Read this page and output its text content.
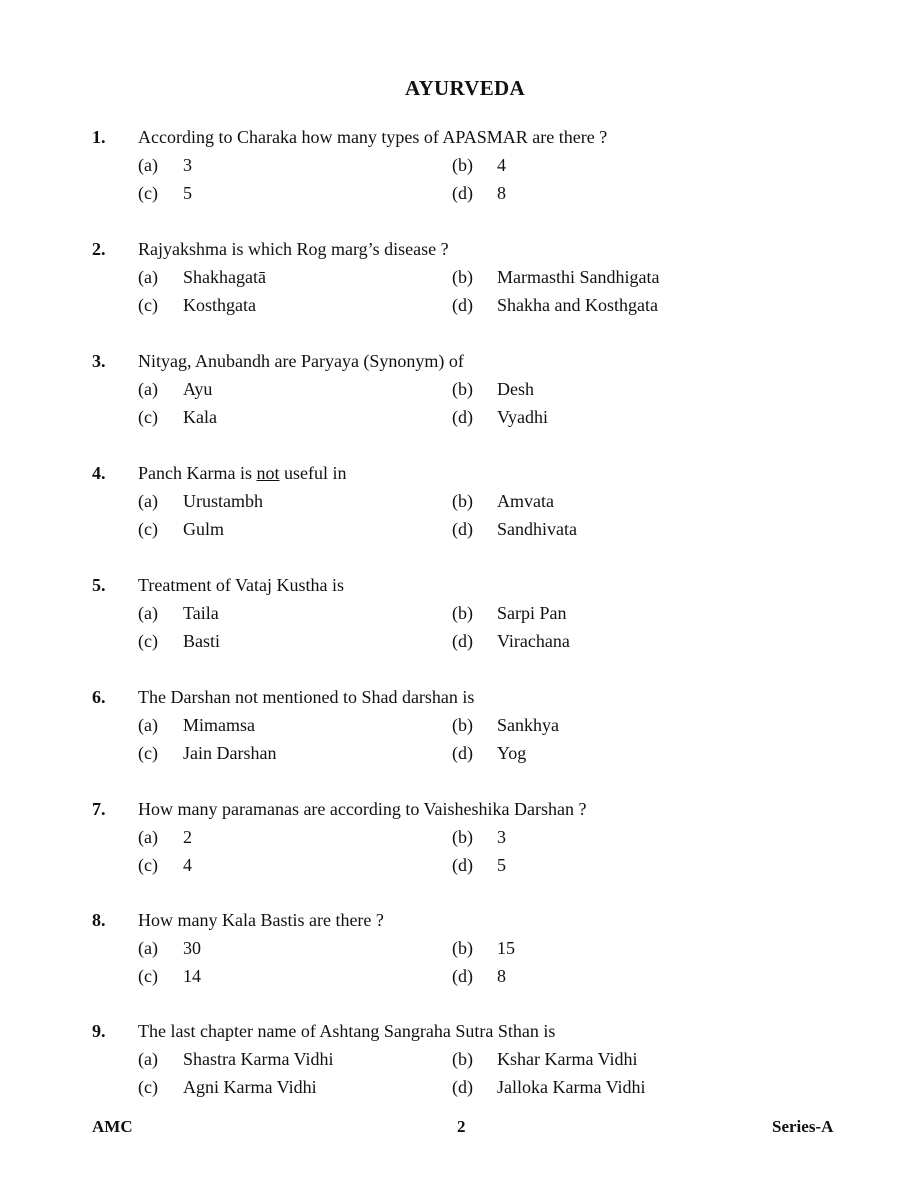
AYURVEDA
1. According to Charaka how many types of APASMAR are there ?
(a) 3	(b) 4
(c) 5	(d) 8
2. Rajyakshma is which Rog marg’s disease ?
(a) Shakhagatā	(b) Marmasthi Sandhigata
(c) Kosthgata	(d) Shakha and Kosthgata
3. Nityag, Anubandh are Paryaya (Synonym) of
(a) Ayu	(b) Desh
(c) Kala	(d) Vyadhi
4. Panch Karma is not useful in
(a) Urustambh	(b) Amvata
(c) Gulm	(d) Sandhivata
5. Treatment of Vataj Kustha is
(a) Taila	(b) Sarpi Pan
(c) Basti	(d) Virachana
6. The Darshan not mentioned to Shad darshan is
(a) Mimamsa	(b) Sankhya
(c) Jain Darshan	(d) Yog
7. How many paramanas are according to Vaisheshika Darshan ?
(a) 2	(b) 3
(c) 4	(d) 5
8. How many Kala Bastis are there ?
(a) 30	(b) 15
(c) 14	(d) 8
9. The last chapter name of Ashtang Sangraha Sutra Sthan is
(a) Shastra Karma Vidhi	(b) Kshar Karma Vidhi
(c) Agni Karma Vidhi	(d) Jalloka Karma Vidhi
AMC	2	Series-A
